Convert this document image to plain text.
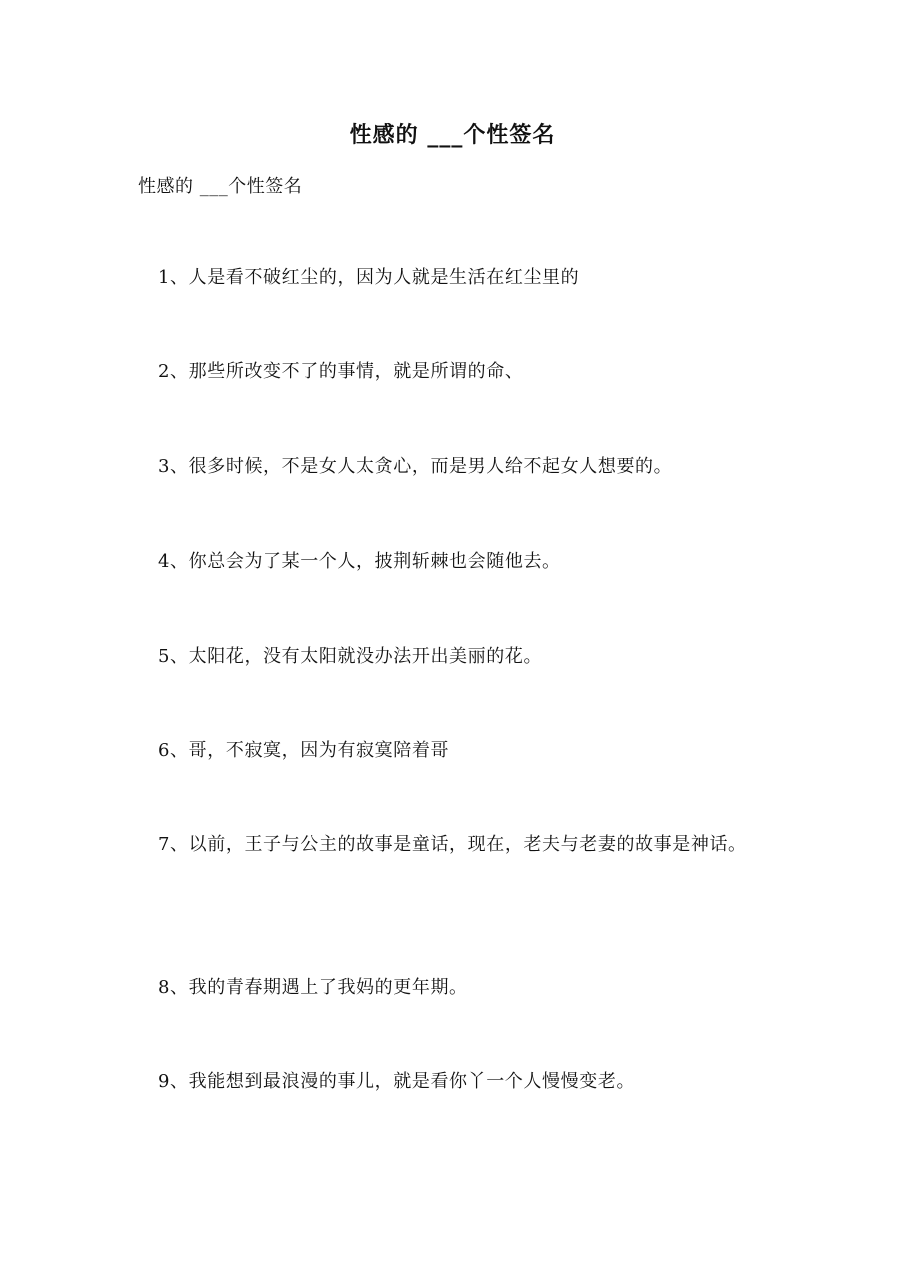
性感的 ___个性签名
性感的 ___个性签名
1、人是看不破红尘的，因为人就是生活在红尘里的
2、那些所改变不了的事情，就是所谓的命、
3、很多时候，不是女人太贪心，而是男人给不起女人想要的。
4、你总会为了某一个人，披荆斩棘也会随他去。
5、太阳花，没有太阳就没办法开出美丽的花。
6、哥，不寂寞，因为有寂寞陪着哥
7、以前，王子与公主的故事是童话，现在，老夫与老妻的故事是神话。
8、我的青春期遇上了我妈的更年期。
9、我能想到最浪漫的事儿，就是看你丫一个人慢慢变老。
